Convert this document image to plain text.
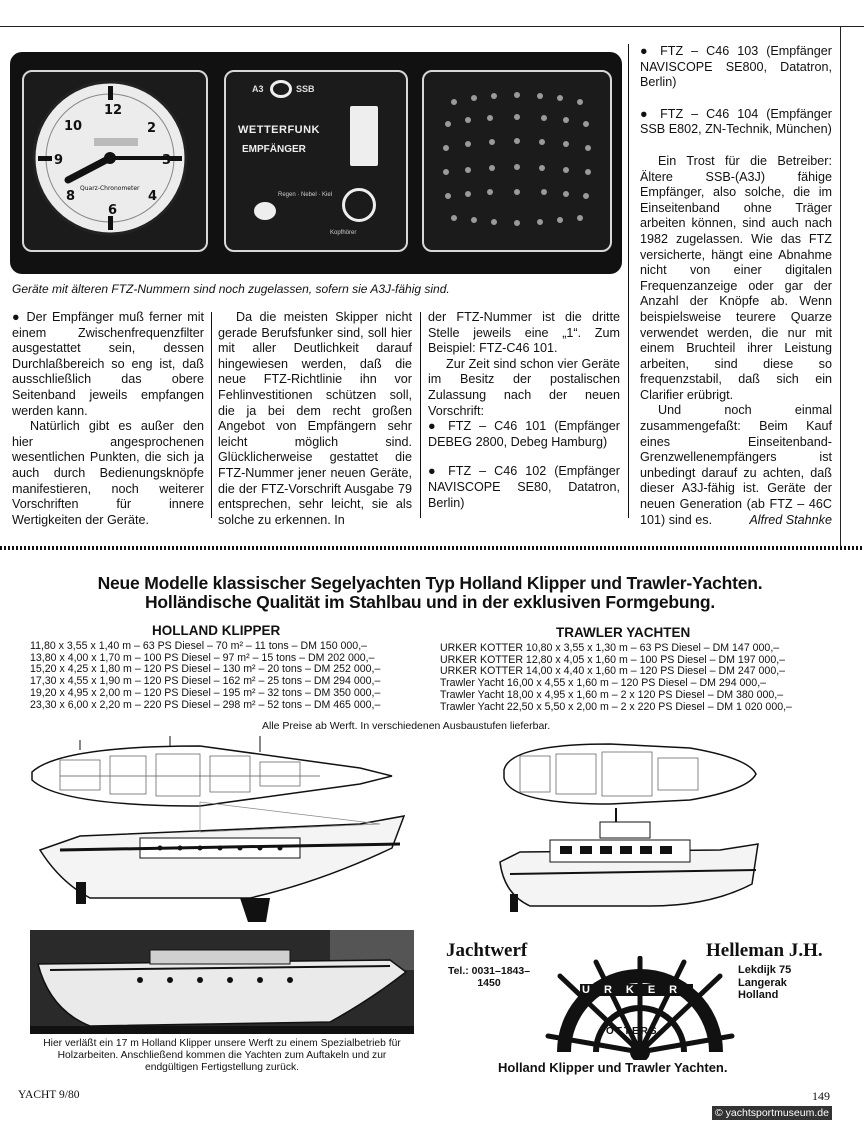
12
2
3
4
6
8
9
10
Quarz-Chronometer
A3	SSB
WETTERFUNK
EMPFÄNGER
Regen · Nebel · Kiel
Kopfhörer
Geräte mit älteren FTZ-Nummern sind noch zugelassen, sofern sie A3J-fähig sind.

● Der Empfänger muß ferner mit einem Zwischenfrequenzfilter ausgestattet sein, dessen Durchlaßbereich so eng ist, daß ausschließlich das obere Seitenband jeweils empfangen werden kann.

Natürlich gibt es außer den hier angesprochenen wesentlichen Punkten, die sich ja auch durch Bedienungsknöpfe manifestieren, noch weiterer Vorschriften für innere Wertigkeiten der Geräte.

Da die meisten Skipper nicht gerade Berufsfunker sind, soll hier mit aller Deutlichkeit darauf hingewiesen werden, daß die neue FTZ-Richtlinie ihn vor Fehlinvestitionen schützen soll, die ja bei dem recht großen Angebot von Empfängern sehr leicht möglich sind. Glücklicherweise gestattet die FTZ-Nummer jener neuen Geräte, die der FTZ-Vorschrift Ausgabe 79 entsprechen, sehr leicht, sie als solche zu erkennen. In

der FTZ-Nummer ist die dritte Stelle jeweils eine „1“. Zum Beispiel: FTZ-C46 101.

Zur Zeit sind schon vier Geräte im Besitz der postalischen Zulassung nach der neuen Vorschrift:

● FTZ – C46 101 (Empfänger DEBEG 2800, Debeg Hamburg)

● FTZ – C46 102 (Empfänger NAVISCOPE SE80, Datatron, Berlin)

● FTZ – C46 103 (Empfänger NAVISCOPE SE800, Datatron, Berlin)

● FTZ – C46 104 (Empfänger SSB E802, ZN-Technik, München)

Ein Trost für die Betreiber: Ältere SSB-(A3J) fähige Empfänger, also solche, die im Einseitenband ohne Träger arbeiten können, sind auch nach 1982 zugelassen. Wie das FTZ versicherte, hängt eine Abnahme nicht von einer digitalen Frequenzanzeige oder gar der Anzahl der Knöpfe ab. Wenn beispielsweise teurere Quarze verwendet werden, die nur mit einem Bruchteil ihrer Leistung arbeiten, sind diese so frequenzstabil, daß sich ein Clarifier erübrigt.

Und noch einmal zusammengefaßt: Beim Kauf eines Einseitenband-Grenzwellenempfängers ist unbedingt darauf zu achten, daß dieser A3J-fähig ist. Geräte der neuen Generation (ab FTZ – 46C 101) sind es.	Alfred Stahnke

Neue Modelle klassischer Segelyachten Typ Holland Klipper und Trawler-Yachten.
Holländische Qualität im Stahlbau und in der exklusiven Formgebung.
HOLLAND KLIPPER	TRAWLER YACHTEN
11,80 x 3,55 x 1,40 m – 63 PS Diesel – 70 m² – 11 tons – DM 150 000,–
13,80 x 4,00 x 1,70 m – 100 PS Diesel – 97 m² – 15 tons – DM 202 000,–
15,20 x 4,25 x 1,80 m – 120 PS Diesel – 130 m² – 20 tons – DM 252 000,–
17,30 x 4,55 x 1,90 m – 120 PS Diesel – 162 m² – 25 tons – DM 294 000,–
19,20 x 4,95 x 2,00 m – 120 PS Diesel – 195 m² – 32 tons – DM 350 000,–
23,30 x 6,00 x 2,20 m – 220 PS Diesel – 298 m² – 52 tons – DM 465 000,–
URKER KOTTER 10,80 x 3,55 x 1,30 m – 63 PS Diesel – DM 147 000,–
URKER KOTTER 12,80 x 4,05 x 1,60 m – 100 PS Diesel – DM 197 000,–
URKER KOTTER 14,00 x 4,40 x 1,60 m – 120 PS Diesel – DM 247 000,–
Trawler Yacht 16,00 x 4,55 x 1,60 m – 120 PS Diesel – DM 294 000,–
Trawler Yacht 18,00 x 4,95 x 1,60 m – 2 x 120 PS Diesel – DM 380 000,–
Trawler Yacht 22,50 x 5,50 x 2,00 m – 2 x 220 PS Diesel – DM 1 020 000,–
Alle Preise ab Werft. In verschiedenen Ausbaustufen lieferbar.
Hier verläßt ein 17 m Holland Klipper unsere Werft zu einem Spezialbetrieb für Holzarbeiten. Anschließend kommen die Yachten zum Auftakeln und zur endgültigen Fertigstellung zurück.
Jachtwerf
Tel.: 0031–1843–
1450
Helleman J.H.
Lekdijk 75
Langerak
Holland
URKER
OTTERS
Holland Klipper und Trawler Yachten.
YACHT 9/80	149
© yachtsportmuseum.de
